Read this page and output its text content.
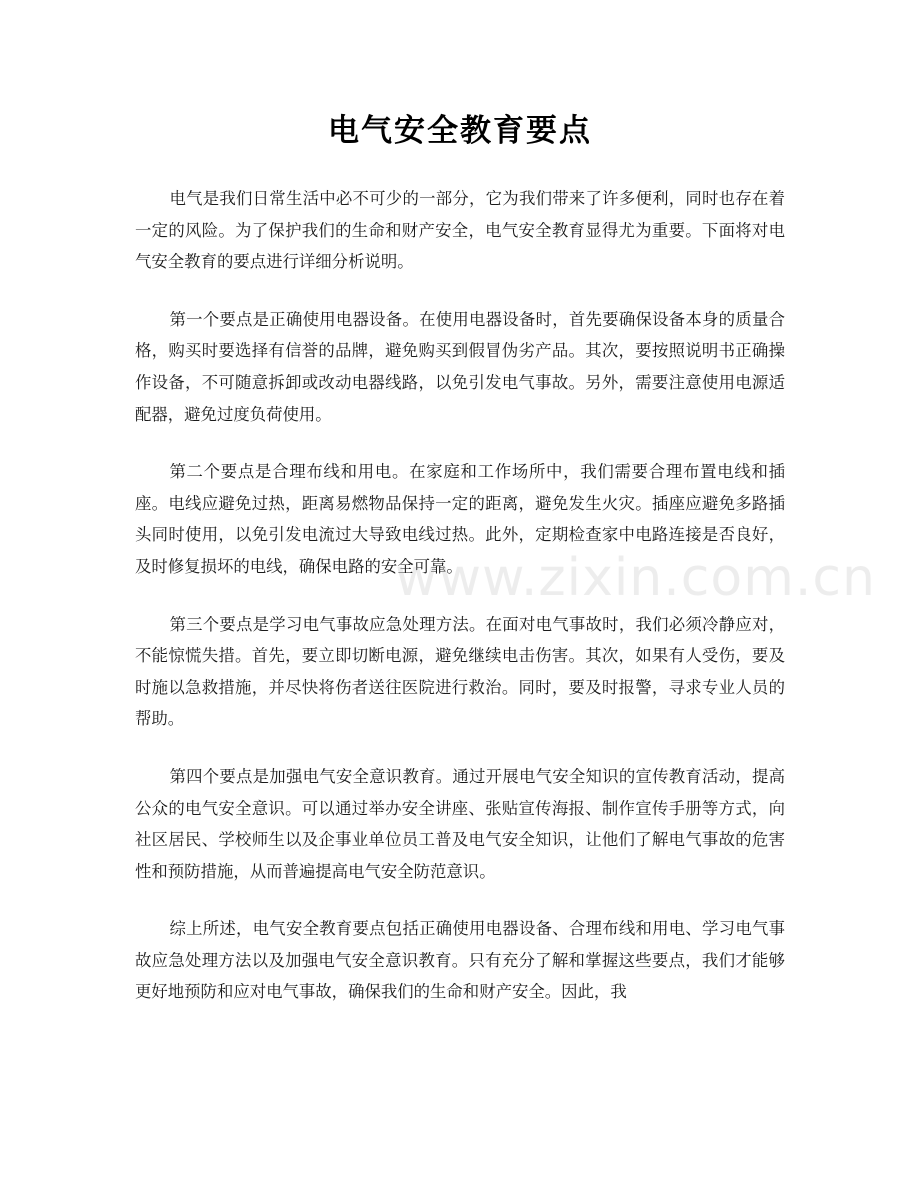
电气安全教育要点

电气是我们日常生活中必不可少的一部分，它为我们带来了许多便利，同时也存在着一定的风险。为了保护我们的生命和财产安全，电气安全教育显得尤为重要。下面将对电气安全教育的要点进行详细分析说明。

第一个要点是正确使用电器设备。在使用电器设备时，首先要确保设备本身的质量合格，购买时要选择有信誉的品牌，避免购买到假冒伪劣产品。其次，要按照说明书正确操作设备，不可随意拆卸或改动电器线路，以免引发电气事故。另外，需要注意使用电源适配器，避免过度负荷使用。

第二个要点是合理布线和用电。在家庭和工作场所中，我们需要合理布置电线和插座。电线应避免过热，距离易燃物品保持一定的距离，避免发生火灾。插座应避免多路插头同时使用，以免引发电流过大导致电线过热。此外，定期检查家中电路连接是否良好，及时修复损坏的电线，确保电路的安全可靠。

第三个要点是学习电气事故应急处理方法。在面对电气事故时，我们必须冷静应对，不能惊慌失措。首先，要立即切断电源，避免继续电击伤害。其次，如果有人受伤，要及时施以急救措施，并尽快将伤者送往医院进行救治。同时，要及时报警，寻求专业人员的帮助。

第四个要点是加强电气安全意识教育。通过开展电气安全知识的宣传教育活动，提高公众的电气安全意识。可以通过举办安全讲座、张贴宣传海报、制作宣传手册等方式，向社区居民、学校师生以及企事业单位员工普及电气安全知识，让他们了解电气事故的危害性和预防措施，从而普遍提高电气安全防范意识。

综上所述，电气安全教育要点包括正确使用电器设备、合理布线和用电、学习电气事故应急处理方法以及加强电气安全意识教育。只有充分了解和掌握这些要点，我们才能够更好地预防和应对电气事故，确保我们的生命和财产安全。因此，我

www.zixin.com.cn
